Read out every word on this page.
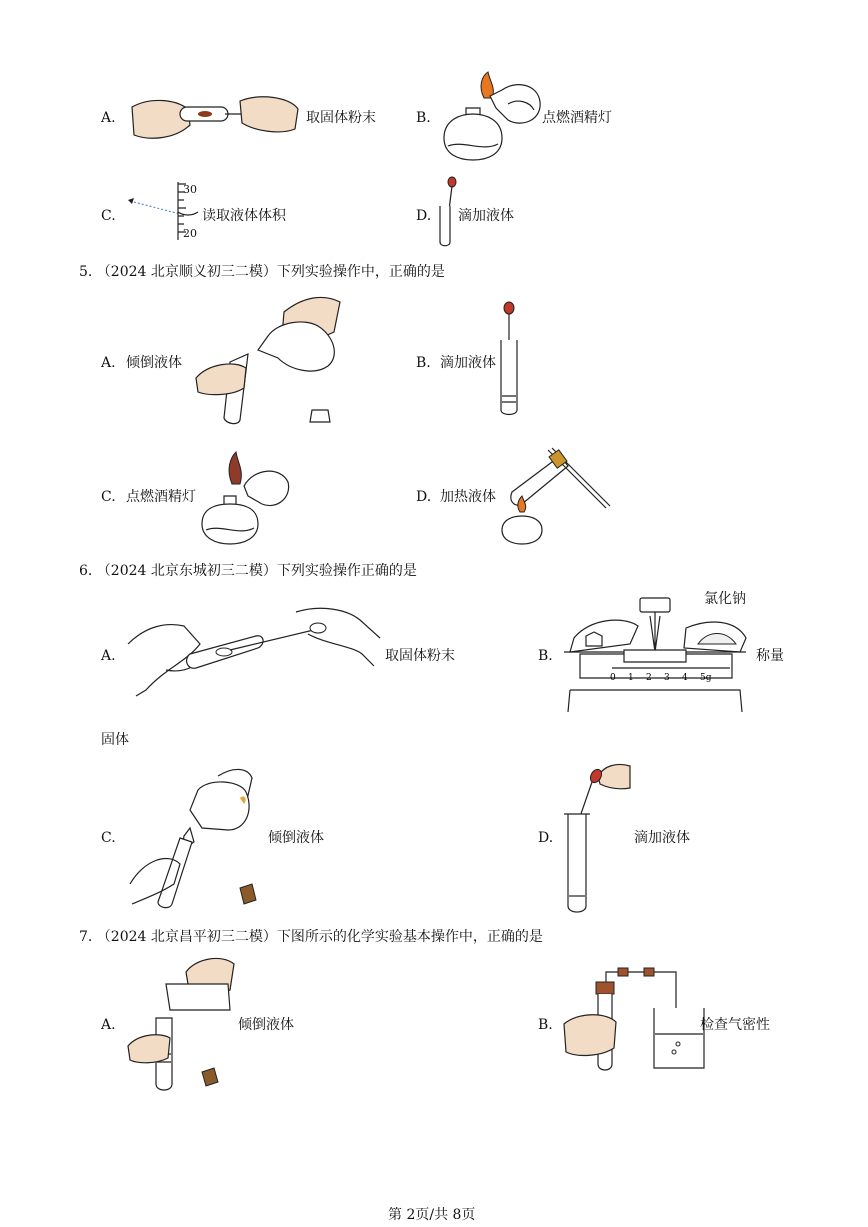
A.	取固体粉末	B.	点燃酒精灯
C.
30
20
读取液体体积	D. 滴加液体
5. （2024 北京顺义初三二模）下列实验操作中，正确的是
A. 倾倒液体	B. 滴加液体
C. 点燃酒精灯	D. 加热液体
6. （2024 北京东城初三二模）下列实验操作正确的是
A.	取固体粉末	B.
0 1 2 3 4 5g
氯化钠
称量
固体
C.	倾倒液体	D.	滴加液体
7. （2024 北京昌平初三二模）下图所示的化学实验基本操作中，正确的是
A.	倾倒液体	B.	检查气密性
第 2页/共 8页
